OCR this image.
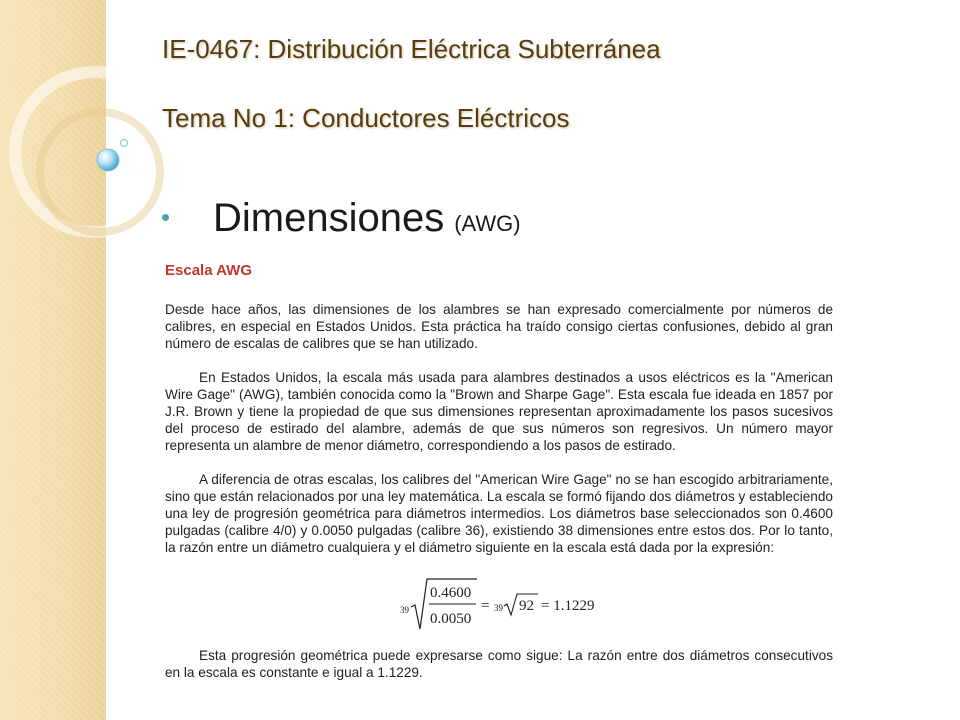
IE-0467: Distribución Eléctrica Subterránea
Tema No 1: Conductores Eléctricos
Dimensiones (AWG)
Escala AWG

Desde hace años, las dimensiones de los alambres se han expresado comercialmente por números de calibres, en especial en Estados Unidos. Esta práctica ha traído consigo ciertas confusiones, debido al gran número de escalas de calibres que se han utilizado.

En Estados Unidos, la escala más usada para alambres destinados a usos eléctricos es la "American Wire Gage" (AWG), también conocida como la "Brown and Sharpe Gage". Esta escala fue ideada en 1857 por J.R. Brown y tiene la propiedad de que sus dimensiones representan aproximadamente los pasos sucesivos del proceso de estirado del alambre, además de que sus números son regresivos. Un número mayor representa un alambre de menor diámetro, correspondiendo a los pasos de estirado.

A diferencia de otras escalas, los calibres del "American Wire Gage" no se han escogido arbitrariamente, sino que están relacionados por una ley matemática. La escala se formó fijando dos diámetros y estableciendo una ley de progresión geométrica para diámetros intermedios. Los diámetros base seleccionados son 0.4600 pulgadas (calibre 4/0) y 0.0050 pulgadas (calibre 36), existiendo 38 dimensiones entre estos dos. Por lo tanto, la razón entre un diámetro cualquiera y el diámetro siguiente en la escala está dada por la expresión:

39
0.4600
0.0050
= 39 92 = 1.1229

Esta progresión geométrica puede expresarse como sigue: La razón entre dos diámetros consecutivos en la escala es constante e igual a 1.1229.
